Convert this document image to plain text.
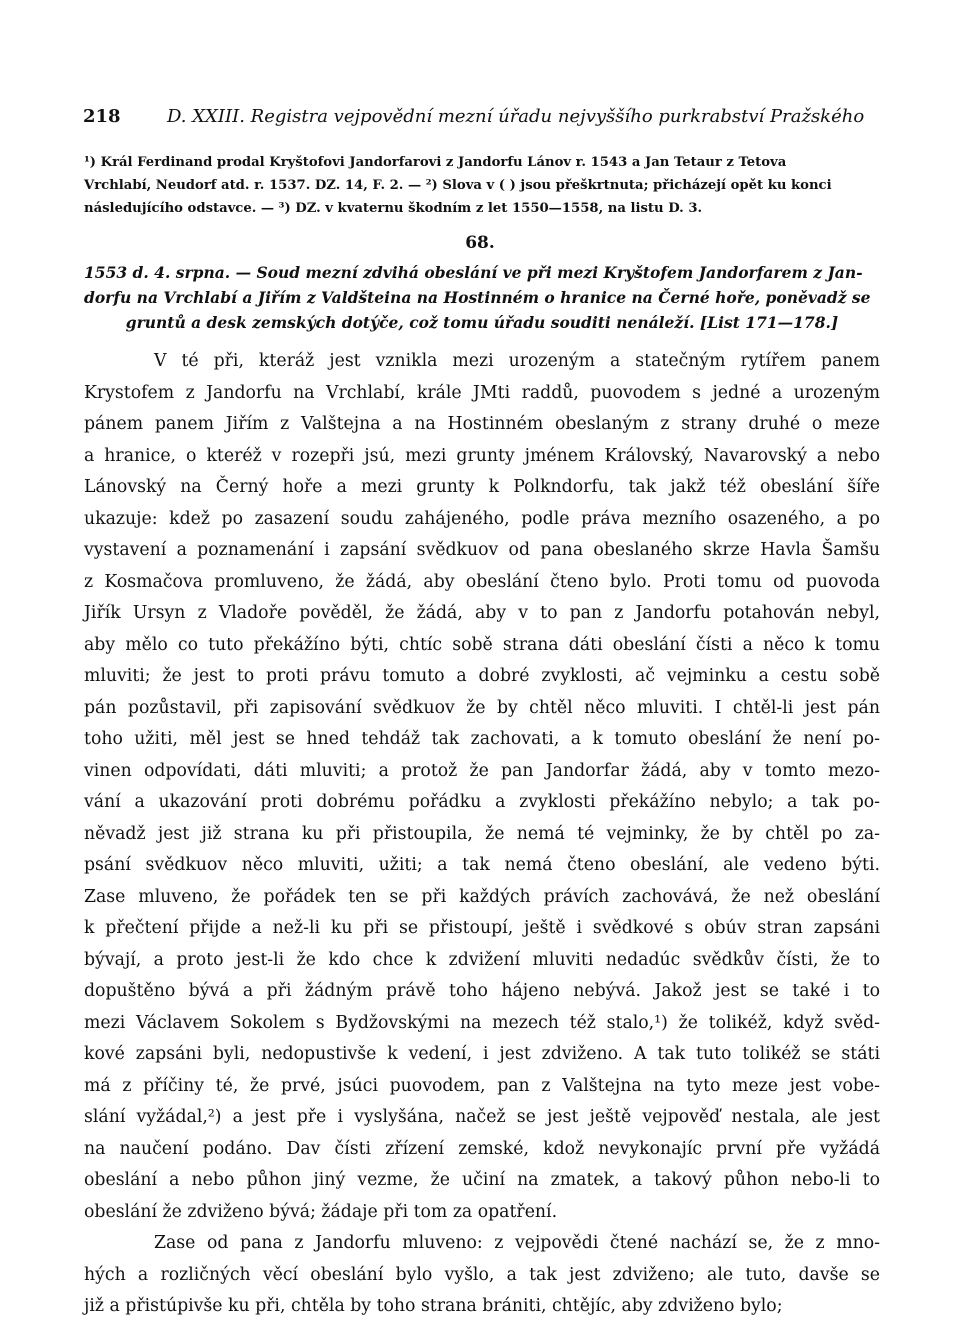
218	D. XXIII. Registra vejpovědní mezní úřadu nejvyššího purkrabství Pražského
¹) Král Ferdinand prodal Kryštofovi Jandorfarovi z Jandorfu Lánov r. 1543 a Jan Tetaur z Tetova
Vrchlabí, Neudorf atd. r. 1537. DZ. 14, F. 2. — ²) Slova v ( ) jsou přeškrtnuta; přicházejí opět ku konci
následujícího odstavce. — ³) DZ. v kvaternu škodním z let 1550—1558, na listu D. 3.
68.
1553 d. 4. srpna. — Soud mezní zdvihá obeslání ve při mezi Kryštofem Jandorfarem z Jan-
dorfu na Vrchlabí a Jiřím z Valdšteina na Hostinném o hranice na Černé hoře, poněvadž se
gruntů a desk zemských dotýče, což tomu úřadu souditi nenáleží. [List 171—178.]
V té při, kteráž jest vznikla mezi urozeným a statečným rytířem panem
Krystofem z Jandorfu na Vrchlabí, krále JMti raddů, puovodem s jedné a urozeným
pánem panem Jiřím z Valštejna a na Hostinném obeslaným z strany druhé o meze
a hranice, o kteréž v rozepři jsú, mezi grunty jménem Královský, Navarovský a nebo
Lánovský na Černý hoře a mezi grunty k Polkndorfu, tak jakž též obeslání šíře
ukazuje: kdež po zasazení soudu zahájeného, podle práva mezního osazeného, a po
vystavení a poznamenání i zapsání svědkuov od pana obeslaného skrze Havla Šamšu
z Kosmačova promluveno, že žádá, aby obeslání čteno bylo. Proti tomu od puovoda
Jiřík Ursyn z Vladoře pověděl, že žádá, aby v to pan z Jandorfu potahován nebyl,
aby mělo co tuto překážíno býti, chtíc sobě strana dáti obeslání čísti a něco k tomu
mluviti; že jest to proti právu tomuto a dobré zvyklosti, ač vejminku a cestu sobě
pán pozůstavil, při zapisování svědkuov že by chtěl něco mluviti. I chtěl-li jest pán
toho užiti, měl jest se hned tehdáž tak zachovati, a k tomuto obeslání že není po-
vinen odpovídati, dáti mluviti; a protož že pan Jandorfar žádá, aby v tomto mezo-
vání a ukazování proti dobrému pořádku a zvyklosti překážíno nebylo; a tak po-
něvadž jest již strana ku při přistoupila, že nemá té vejminky, že by chtěl po za-
psání svědkuov něco mluviti, užiti; a tak nemá čteno obeslání, ale vedeno býti.
Zase mluveno, že pořádek ten se při každých právích zachovává, že než obeslání
k přečtení přijde a než-li ku při se přistoupí, ještě i svědkové s obúv stran zapsáni
bývají, a proto jest-li že kdo chce k zdvižení mluviti nedadúc svědkův čísti, že to
dopuštěno bývá a při žádným právě toho hájeno nebývá. Jakož jest se také i to
mezi Václavem Sokolem s Bydžovskými na mezech též stalo,¹) že tolikéž, když svěd-
kové zapsáni byli, nedopustivše k vedení, i jest zdviženo. A tak tuto tolikéž se státi
má z příčiny té, že prvé, jsúci puovodem, pan z Valštejna na tyto meze jest vobe-
slání vyžádal,²) a jest pře i vyslyšána, načež se jest ještě vejpověď nestala, ale jest
na naučení podáno. Dav čísti zřízení zemské, kdož nevykonajíc první pře vyžádá
obeslání a nebo půhon jiný vezme, že učiní na zmatek, a takový půhon nebo-li to
obeslání že zdviženo bývá; žádaje při tom za opatření.
Zase od pana z Jandorfu mluveno: z vejpovědi čtené nachází se, že z mno-
hých a rozličných věcí obeslání bylo vyšlo, a tak jest zdviženo; ale tuto, davše se
již a přistúpivše ku při, chtěla by toho strana brániti, chtějíc, aby zdviženo bylo;
